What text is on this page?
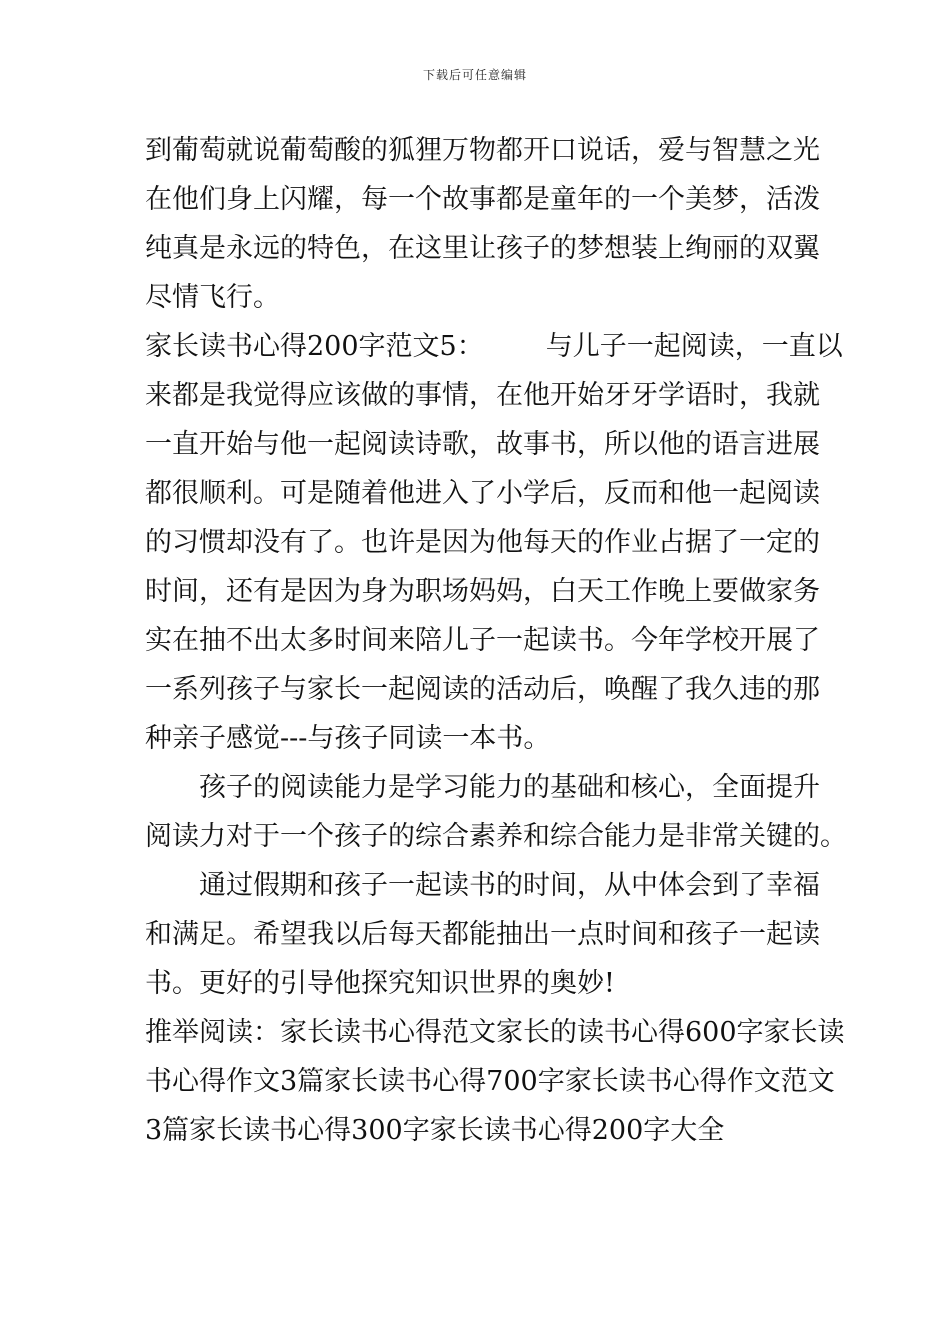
下载后可任意编辑
到葡萄就说葡萄酸的狐狸万物都开口说话，爱与智慧之光
在他们身上闪耀，每一个故事都是童年的一个美梦，活泼
纯真是永远的特色，在这里让孩子的梦想装上绚丽的双翼
尽情飞行。
家长读书心得200字范文5： 与儿子一起阅读，一直以
来都是我觉得应该做的事情，在他开始牙牙学语时，我就
一直开始与他一起阅读诗歌，故事书，所以他的语言进展
都很顺利。可是随着他进入了小学后，反而和他一起阅读
的习惯却没有了。也许是因为他每天的作业占据了一定的
时间，还有是因为身为职场妈妈，白天工作晚上要做家务
实在抽不出太多时间来陪儿子一起读书。今年学校开展了
一系列孩子与家长一起阅读的活动后，唤醒了我久违的那
种亲子感觉---与孩子同读一本书。
孩子的阅读能力是学习能力的基础和核心，全面提升
阅读力对于一个孩子的综合素养和综合能力是非常关键的。
通过假期和孩子一起读书的时间，从中体会到了幸福
和满足。希望我以后每天都能抽出一点时间和孩子一起读
书。更好的引导他探究知识世界的奥妙!
推举阅读：家长读书心得范文家长的读书心得600字家长读
书心得作文3篇家长读书心得700字家长读书心得作文范文
3篇家长读书心得300字家长读书心得200字大全
